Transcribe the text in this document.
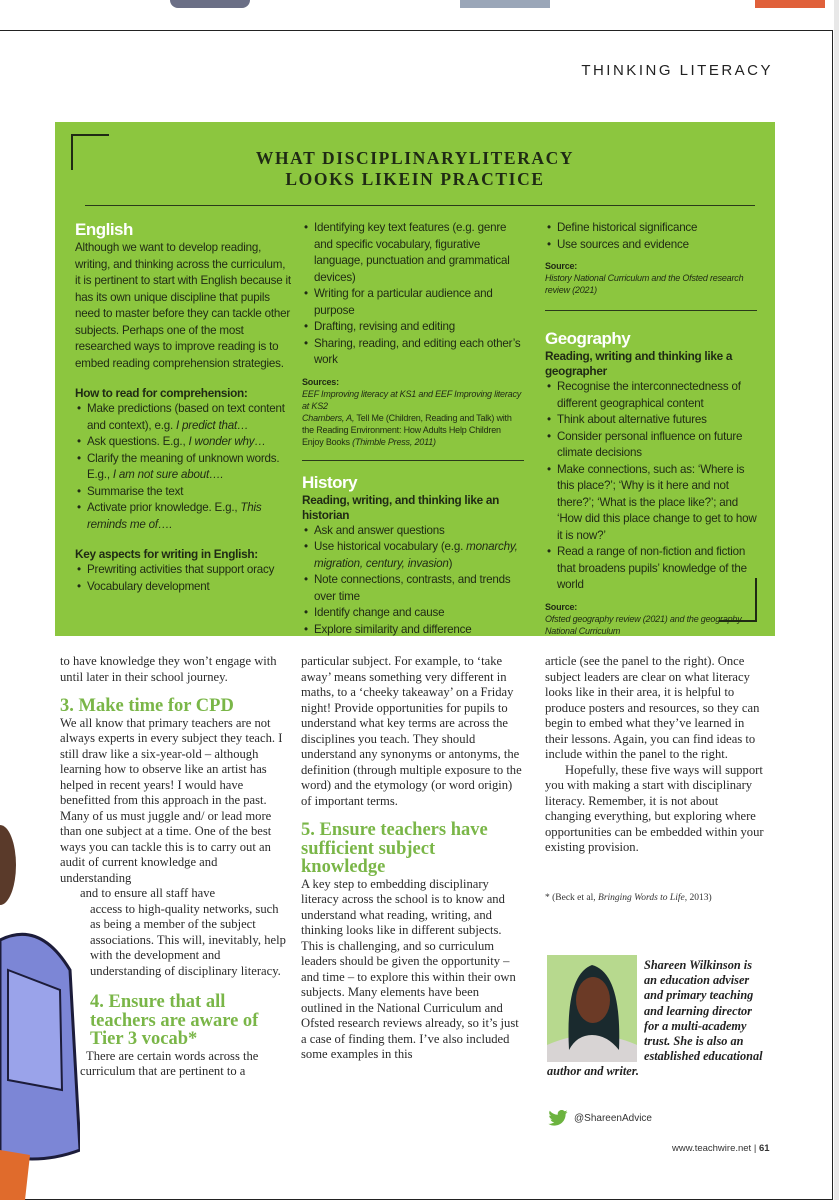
THINKING LITERACY
WHAT DISCIPLINARYLITERACY
LOOKS LIKEIN PRACTICE
English

Although we want to develop reading, writing, and thinking across the curriculum, it is pertinent to start with English because it has its own unique discipline that pupils need to master before they can tackle other subjects. Perhaps one of the most researched ways to improve reading is to embed reading comprehension strategies.

How to read for comprehension:
• Make predictions (based on text content and context), e.g. I predict that…
• Ask questions. E.g., I wonder why…
• Clarify the meaning of unknown words. E.g., I am not sure about….
• Summarise the text
• Activate prior knowledge. E.g., This reminds me of….
Key aspects for writing in English:
• Prewriting activities that support oracy
• Vocabulary development
• Identifying key text features (e.g. genre and specific vocabulary, figurative language, punctuation and grammatical devices)
• Writing for a particular audience and purpose
• Drafting, revising and editing
• Sharing, reading, and editing each other’s work
Sources:
EEF Improving literacy at KS1 and EEF Improving literacy at KS2
Chambers, A, Tell Me (Children, Reading and Talk) with the Reading Environment: How Adults Help Children Enjoy Books (Thimble Press, 2011)
History
Reading, writing, and thinking like an historian
• Ask and answer questions
• Use historical vocabulary (e.g. monarchy, migration, century, invasion)
• Note connections, contrasts, and trends over time
• Identify change and cause
• Explore similarity and difference
• Define historical significance
• Use sources and evidence
Source:
History National Curriculum and the Ofsted research review (2021)
Geography
Reading, writing and thinking like a geographer
• Recognise the interconnectedness of different geographical content
• Think about alternative futures
• Consider personal influence on future climate decisions
• Make connections, such as: ‘Where is this place?’; ‘Why is it here and not there?’; ‘What is the place like?’; and ‘How did this place change to get to how it is now?’
• Read a range of non-fiction and fiction that broadens pupils’ knowledge of the world
Source:
Ofsted geography review (2021) and the geography National Curriculum

to have knowledge they won’t engage with until later in their school journey.

3. Make time for CPD

We all know that primary teachers are not always experts in every subject they teach. I still draw like a six-year-old – although learning how to observe like an artist has helped in recent years! I would have benefitted from this approach in the past. Many of us must juggle and/ or lead more than one subject at a time. One of the best ways you can tackle this is to carry out an audit of current knowledge and understanding

and to ensure all staff have

access to high-quality networks, such as being a member of the subject associations. This will, inevitably, help with the development and understanding of disciplinary literacy.

4. Ensure that all teachers are aware of Tier 3 vocab*

There are certain words across the curriculum that are pertinent to a

particular subject. For example, to ‘take away’ means something very different in maths, to a ‘cheeky takeaway’ on a Friday night! Provide opportunities for pupils to understand what key terms are across the disciplines you teach. They should understand any synonyms or antonyms, the definition (through multiple exposure to the word) and the etymology (or word origin) of important terms.

5. Ensure teachers have sufficient subject knowledge

A key step to embedding disciplinary literacy across the school is to know and understand what reading, writing, and thinking looks like in different subjects. This is challenging, and so curriculum leaders should be given the opportunity – and time – to explore this within their own subjects. Many elements have been outlined in the National Curriculum and Ofsted research reviews already, so it’s just a case of finding them. I’ve also included some examples in this

article (see the panel to the right). Once subject leaders are clear on what literacy looks like in their area, it is helpful to produce posters and resources, so they can begin to embed what they’ve learned in their lessons. Again, you can find ideas to include within the panel to the right.

Hopefully, these five ways will support you with making a start with disciplinary literacy. Remember, it is not about changing everything, but exploring where opportunities can be embedded within your existing provision.

* (Beck et al, Bringing Words to Life, 2013)
Shareen Wilkinson is an education adviser and primary teaching and learning director for a multi-academy trust. She is also an established educational author and writer.
@ShareenAdvice
www.teachwire.net | 61
